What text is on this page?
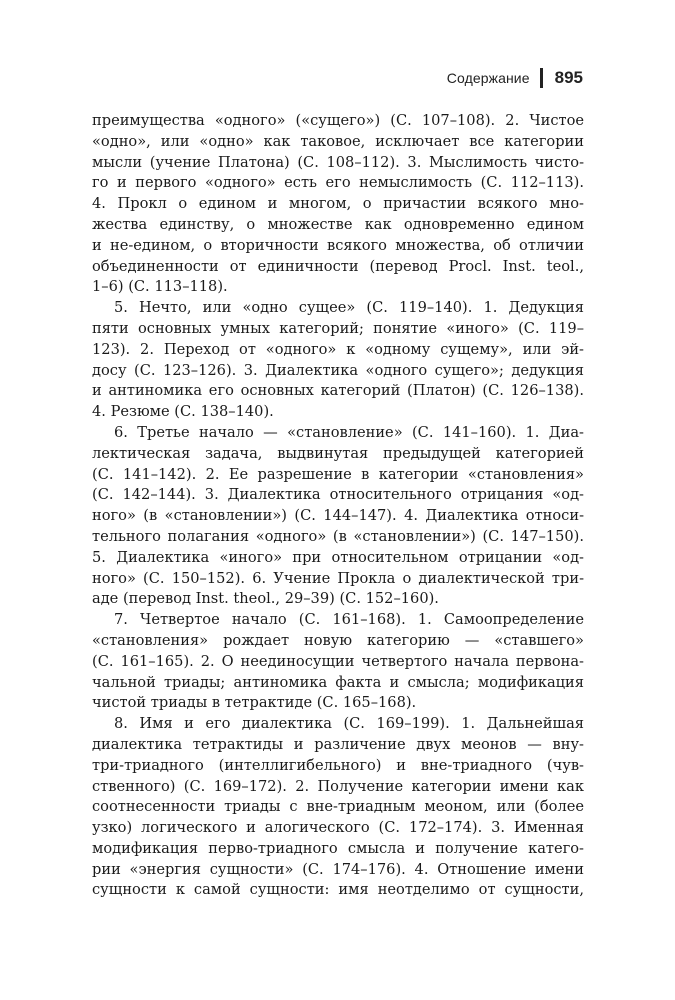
Содержание 895
преимущества «одного» («сущего») (С. 107–108). 2. Чистое
«одно», или «одно» как таковое, исключает все категории
мысли (учение Платона) (С. 108–112). 3. Мыслимость чисто-
го и первого «одного» есть его немыслимость (С. 112–113).
4. Прокл о едином и многом, о причастии всякого мно-
жества единству, о множестве как одновременно едином
и не-едином, о вторичности всякого множества, об отличии
объединенности от единичности (перевод Procl. Inst. teol.,
1–6) (С. 113–118).
5. Нечто, или «одно сущее» (С. 119–140). 1. Дедукция
пяти основных умных категорий; понятие «иного» (С. 119–
123). 2. Переход от «одного» к «одному сущему», или эй-
досу (С. 123–126). 3. Диалектика «одного сущего»; дедукция
и антиномика его основных категорий (Платон) (С. 126–138).
4. Резюме (С. 138–140).
6. Третье начало — «становление» (С. 141–160). 1. Диа-
лектическая задача, выдвинутая предыдущей категорией
(С. 141–142). 2. Ее разрешение в категории «становления»
(С. 142–144). 3. Диалектика относительного отрицания «од-
ного» (в «становлении») (С. 144–147). 4. Диалектика относи-
тельного полагания «одного» (в «становлении») (С. 147–150).
5. Диалектика «иного» при относительном отрицании «од-
ного» (С. 150–152). 6. Учение Прокла о диалектической три-
аде (перевод Inst. theol., 29–39) (С. 152–160).
7. Четвертое начало (С. 161–168). 1. Самоопределение
«становления» рождает новую категорию — «ставшего»
(С. 161–165). 2. О неединосущии четвертого начала первона-
чальной триады; антиномика факта и смысла; модификация
чистой триады в тетрактиде (С. 165–168).
8. Имя и его диалектика (С. 169–199). 1. Дальнейшая
диалектика тетрактиды и различение двух меонов — вну-
три-триадного (интеллигибельного) и вне-триадного (чув-
ственного) (С. 169–172). 2. Получение категории имени как
соотнесенности триады с вне-триадным меоном, или (более
узко) логического и алогического (С. 172–174). 3. Именная
модификация перво-триадного смысла и получение катего-
рии «энергия сущности» (С. 174–176). 4. Отношение имени
сущности к самой сущности: имя неотделимо от сущности,
